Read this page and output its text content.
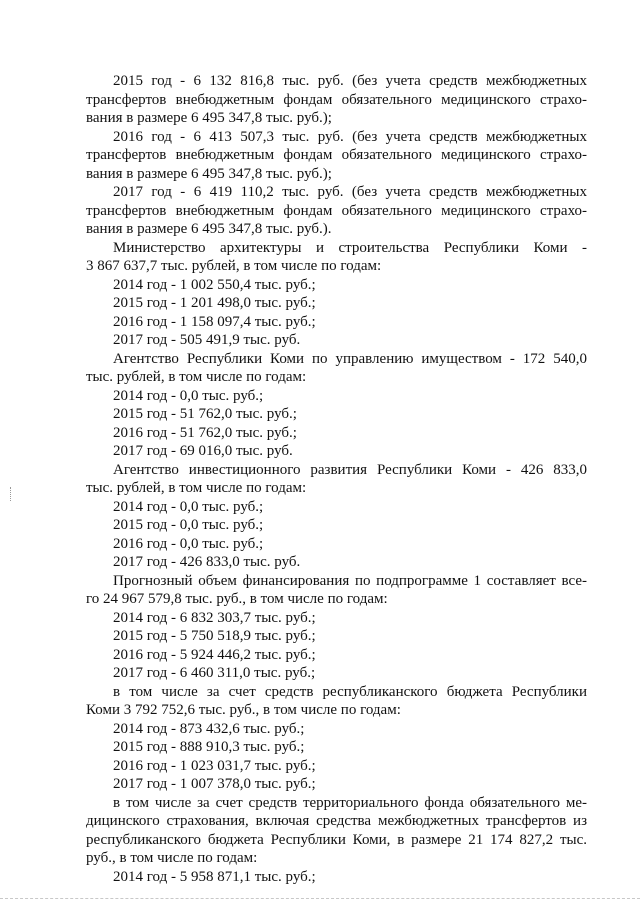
2015 год - 6 132 816,8 тыс. руб. (без учета средств межбюджетных
трансфертов внебюджетным фондам обязательного медицинского страхо-
вания в размере 6 495 347,8 тыс. руб.);
2016 год - 6 413 507,3 тыс. руб. (без учета средств межбюджетных
трансфертов внебюджетным фондам обязательного медицинского страхо-
вания в размере 6 495 347,8 тыс. руб.);
2017 год - 6 419 110,2 тыс. руб. (без учета средств межбюджетных
трансфертов внебюджетным фондам обязательного медицинского страхо-
вания в размере 6 495 347,8 тыс. руб.).
Министерство архитектуры и строительства Республики Коми -
3 867 637,7 тыс. рублей, в том числе по годам:
2014 год - 1 002 550,4 тыс. руб.;
2015 год - 1 201 498,0 тыс. руб.;
2016 год - 1 158 097,4 тыс. руб.;
2017 год - 505 491,9 тыс. руб.
Агентство Республики Коми по управлению имуществом - 172 540,0
тыс. рублей, в том числе по годам:
2014 год - 0,0 тыс. руб.;
2015 год - 51 762,0 тыс. руб.;
2016 год - 51 762,0 тыс. руб.;
2017 год - 69 016,0 тыс. руб.
Агентство инвестиционного развития Республики Коми - 426 833,0
тыс. рублей, в том числе по годам:
2014 год - 0,0 тыс. руб.;
2015 год - 0,0 тыс. руб.;
2016 год - 0,0 тыс. руб.;
2017 год - 426 833,0 тыс. руб.
Прогнозный объем финансирования по подпрограмме 1 составляет все-
го 24 967 579,8 тыс. руб., в том числе по годам:
2014 год - 6 832 303,7 тыс. руб.;
2015 год - 5 750 518,9 тыс. руб.;
2016 год - 5 924 446,2 тыс. руб.;
2017 год - 6 460 311,0 тыс. руб.;
в том числе за счет средств республиканского бюджета Республики
Коми 3 792 752,6 тыс. руб., в том числе по годам:
2014 год - 873 432,6 тыс. руб.;
2015 год - 888 910,3 тыс. руб.;
2016 год - 1 023 031,7 тыс. руб.;
2017 год - 1 007 378,0 тыс. руб.;
в том числе за счет средств территориального фонда обязательного ме-
дицинского страхования, включая средства межбюджетных трансфертов из
республиканского бюджета Республики Коми, в размере 21 174 827,2 тыс.
руб., в том числе по годам:
2014 год - 5 958 871,1 тыс. руб.;
